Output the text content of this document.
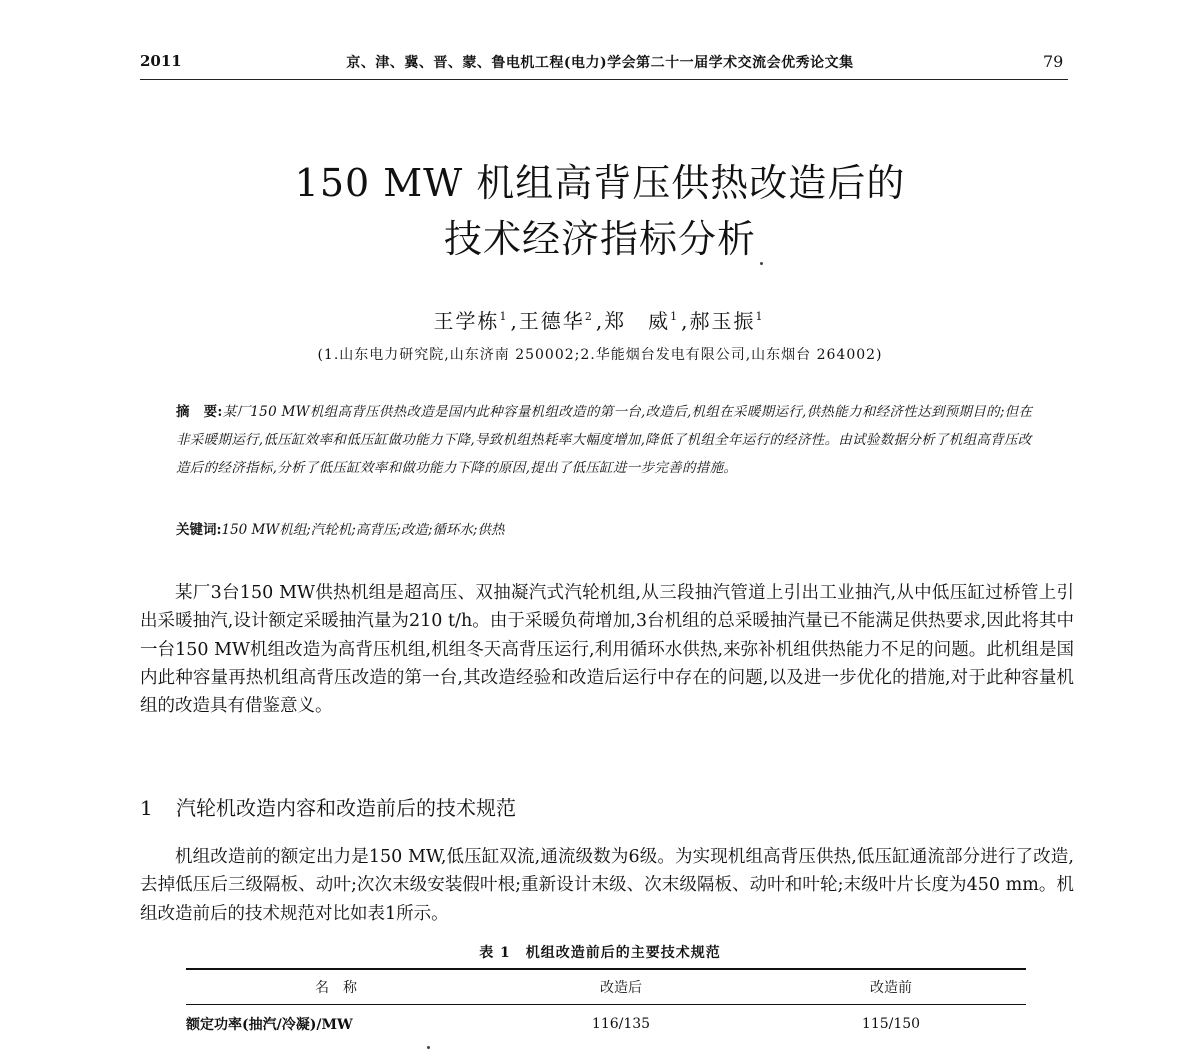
2011	京、津、冀、晋、蒙、鲁电机工程(电力)学会第二十一届学术交流会优秀论文集	79
150 MW 机组高背压供热改造后的
技术经济指标分析
王学栋$^1$ ,王德华$^2$ ,郑　威$^1$ ,郝玉振$^1$
(1.山东电力研究院,山东济南 250002;2.华能烟台发电有限公司,山东烟台 264002)
摘　要:某厂150 MW机组高背压供热改造是国内此种容量机组改造的第一台,改造后,机组在采暖期运行,供热能力和经济性达到预期目的;但在非采暖期运行,低压缸效率和低压缸做功能力下降,导致机组热耗率大幅度增加,降低了机组全年运行的经济性。由试验数据分析了机组高背压改造后的经济指标,分析了低压缸效率和做功能力下降的原因,提出了低压缸进一步完善的措施。
关键词:150 MW机组;汽轮机;高背压;改造;循环水;供热
某厂3台150 MW供热机组是超高压、双抽凝汽式汽轮机组,从三段抽汽管道上引出工业抽汽,从中低压缸过桥管上引出采暖抽汽,设计额定采暖抽汽量为210 t/h。由于采暖负荷增加,3台机组的总采暖抽汽量已不能满足供热要求,因此将其中一台150 MW机组改造为高背压机组,机组冬天高背压运行,利用循环水供热,来弥补机组供热能力不足的问题。此机组是国内此种容量再热机组高背压改造的第一台,其改造经验和改造后运行中存在的问题,以及进一步优化的措施,对于此种容量机组的改造具有借鉴意义。
1 汽轮机改造内容和改造前后的技术规范
机组改造前的额定出力是150 MW,低压缸双流,通流级数为6级。为实现机组高背压供热,低压缸通流部分进行了改造,去掉低压后三级隔板、动叶;次次末级安装假叶根;重新设计末级、次末级隔板、动叶和叶轮;末级叶片长度为450 mm。机组改造前后的技术规范对比如表1所示。
表 1　机组改造前后的主要技术规范
名　称	改造后	改造前
额定功率(抽汽/冷凝)/MW	116/135	115/150
